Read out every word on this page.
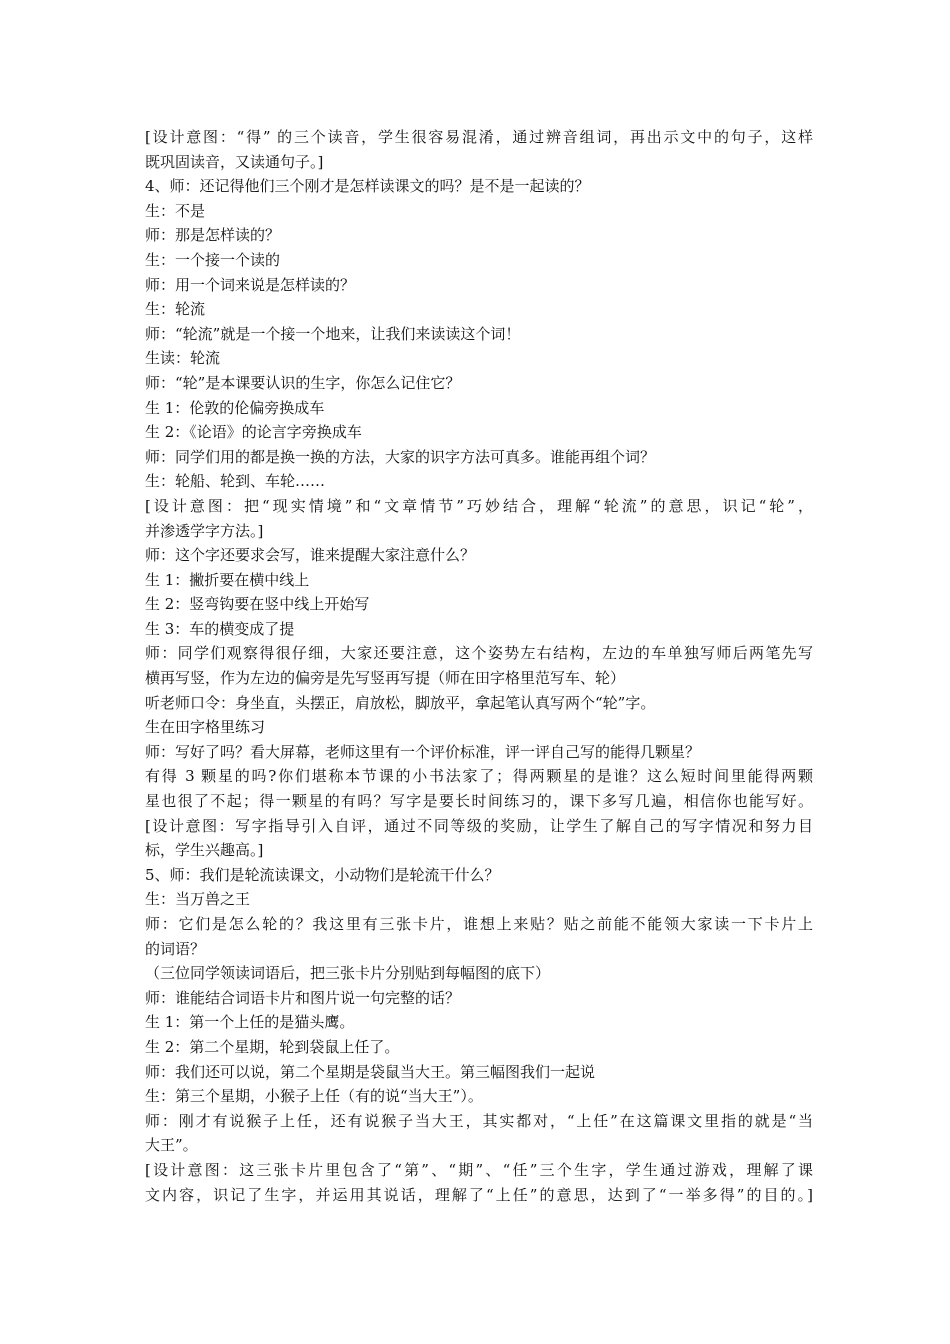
[设计意图：“得” 的三个读音，学生很容易混淆，通过辨音组词，再出示文中的句子，这样
既巩固读音，又读通句子。]
4、师：还记得他们三个刚才是怎样读课文的吗？是不是一起读的？
生：不是
师：那是怎样读的？
生：一个接一个读的
师：用一个词来说是怎样读的？
生：轮流
师：“轮流”就是一个接一个地来，让我们来读读这个词！
生读：轮流
师：“轮”是本课要认识的生字，你怎么记住它？
生 1：伦敦的伦偏旁换成车
生 2：《论语》的论言字旁换成车
师：同学们用的都是换一换的方法，大家的识字方法可真多。谁能再组个词？
生：轮船、轮到、车轮……
[设计意图：把“现实情境”和“文章情节”巧妙结合，理解“轮流”的意思，识记“轮”，
并渗透学字方法。]
师：这个字还要求会写，谁来提醒大家注意什么？
生 1：撇折要在横中线上
生 2：竖弯钩要在竖中线上开始写
生 3：车的横变成了提
师：同学们观察得很仔细，大家还要注意，这个姿势左右结构，左边的车单独写师后两笔先写
横再写竖，作为左边的偏旁是先写竖再写提（师在田字格里范写车、轮）
听老师口令：身坐直，头摆正，肩放松，脚放平，拿起笔认真写两个“轮”字。
生在田字格里练习
师：写好了吗？看大屏幕，老师这里有一个评价标准，评一评自己写的能得几颗星？
有得 3 颗星的吗?你们堪称本节课的小书法家了；得两颗星的是谁？这么短时间里能得两颗
星也很了不起；得一颗星的有吗？写字是要长时间练习的，课下多写几遍，相信你也能写好。
[设计意图：写字指导引入自评，通过不同等级的奖励，让学生了解自己的写字情况和努力目
标，学生兴趣高。]
5、师：我们是轮流读课文，小动物们是轮流干什么？
生：当万兽之王
师：它们是怎么轮的？我这里有三张卡片，谁想上来贴？贴之前能不能领大家读一下卡片上
的词语？
（三位同学领读词语后，把三张卡片分别贴到每幅图的底下）
师：谁能结合词语卡片和图片说一句完整的话？
生 1：第一个上任的是猫头鹰。
生 2：第二个星期，轮到袋鼠上任了。
师：我们还可以说，第二个星期是袋鼠当大王。第三幅图我们一起说
生：第三个星期，小猴子上任（有的说“当大王”）。
师：刚才有说猴子上任，还有说猴子当大王，其实都对，“上任”在这篇课文里指的就是“当
大王”。
[设计意图：这三张卡片里包含了“第”、“期”、“任”三个生字，学生通过游戏，理解了课
文内容，识记了生字，并运用其说话，理解了“上任”的意思，达到了“一举多得”的目的。]
